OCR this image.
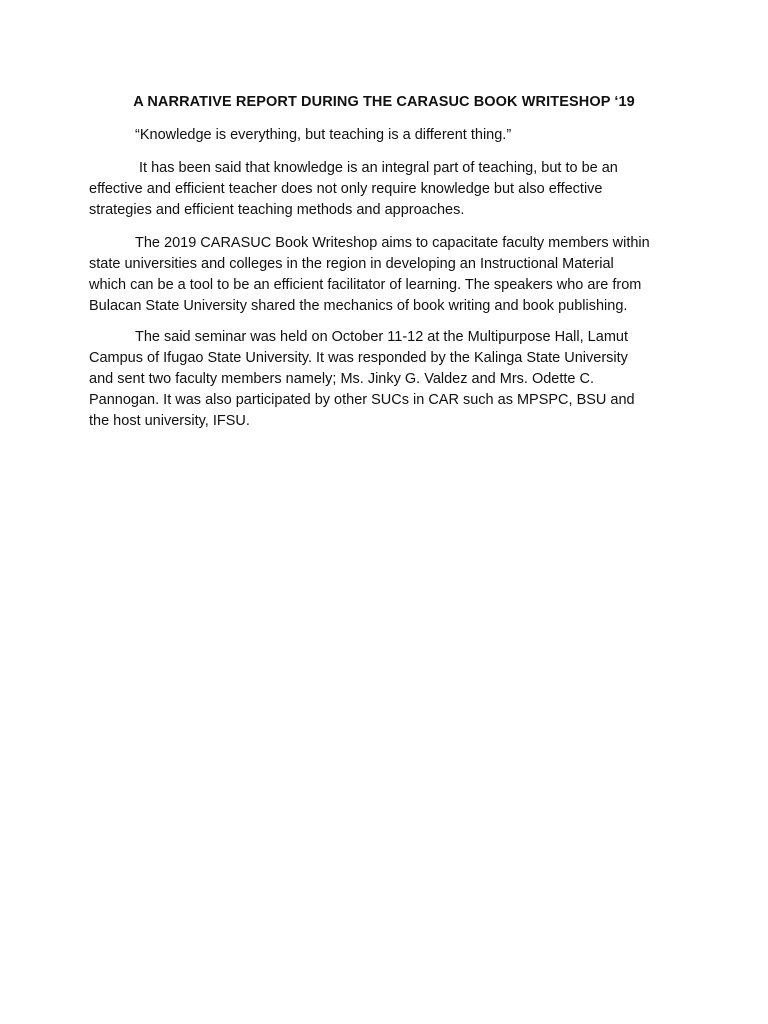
A NARRATIVE REPORT DURING THE CARASUC BOOK WRITESHOP ‘19
“Knowledge is everything, but teaching is a different thing.”
It has been said that knowledge is an integral part of teaching, but to be an
effective and efficient teacher does not only require knowledge but also effective
strategies and efficient teaching methods and approaches.
The 2019 CARASUC Book Writeshop aims to capacitate faculty members within
state universities and colleges in the region in developing an Instructional Material
which can be a tool to be an efficient facilitator of learning. The speakers who are from
Bulacan State University shared the mechanics of book writing and book publishing.
The said seminar was held on October 11-12 at the Multipurpose Hall, Lamut
Campus of Ifugao State University. It was responded by the Kalinga State University
and sent two faculty members namely; Ms. Jinky G. Valdez and Mrs. Odette C.
Pannogan. It was also participated by other SUCs in CAR such as MPSPC, BSU and
the host university, IFSU.
